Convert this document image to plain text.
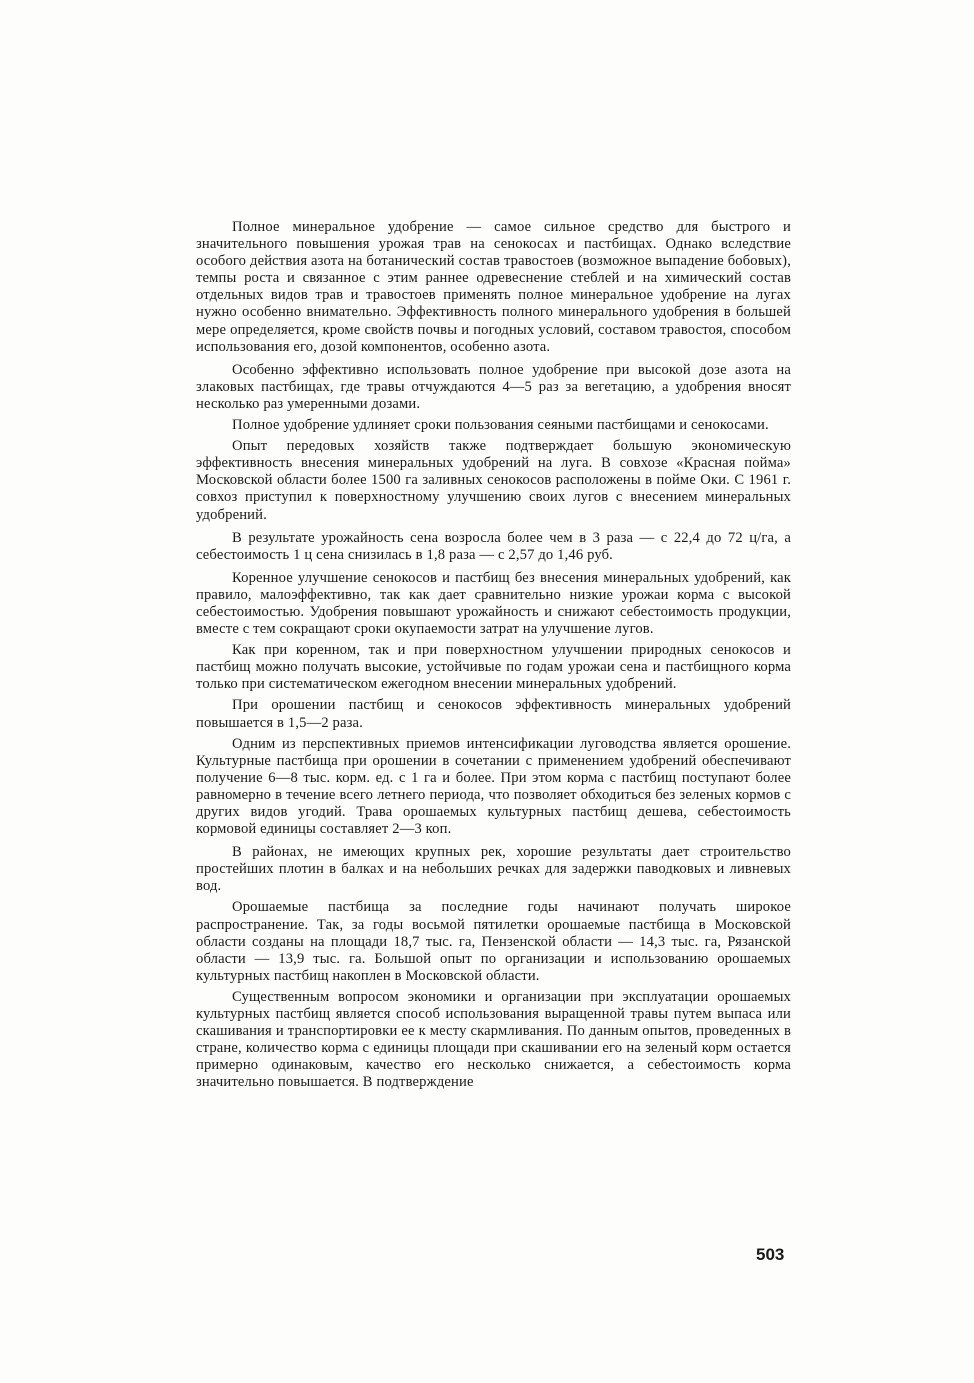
Полное минеральное удобрение — самое сильное средство для быстрого и значительного повышения урожая трав на сенокосах и пастбищах. Однако вследствие особого действия азота на ботанический состав травостоев (возможное выпадение бобовых), темпы роста и связанное с этим раннее одревеснение стеблей и на химический состав отдельных видов трав и травостоев применять полное минеральное удобрение на лугах нужно особенно внимательно. Эффективность полного минерального удобрения в большей мере определяется, кроме свойств почвы и погодных условий, составом травостоя, способом использования его, дозой компонентов, особенно азота.

Особенно эффективно использовать полное удобрение при высокой дозе азота на злаковых пастбищах, где травы отчуждаются 4—5 раз за вегетацию, а удобрения вносят несколько раз умеренными дозами.

Полное удобрение удлиняет сроки пользования сеяными пастбищами и сенокосами.

Опыт передовых хозяйств также подтверждает большую экономическую эффективность внесения минеральных удобрений на луга. В совхозе «Красная пойма» Московской области более 1500 га заливных сенокосов расположены в пойме Оки. С 1961 г. совхоз приступил к поверхностному улучшению своих лугов с внесением минеральных удобрений.

В результате урожайность сена возросла более чем в 3 раза — с 22,4 до 72 ц/га, а себестоимость 1 ц сена снизилась в 1,8 раза — с 2,57 до 1,46 руб.

Коренное улучшение сенокосов и пастбищ без внесения минеральных удобрений, как правило, малоэффективно, так как дает сравнительно низкие урожаи корма с высокой себестоимостью. Удобрения повышают урожайность и снижают себестоимость продукции, вместе с тем сокращают сроки окупаемости затрат на улучшение лугов.

Как при коренном, так и при поверхностном улучшении природных сенокосов и пастбищ можно получать высокие, устойчивые по годам урожаи сена и пастбищного корма только при систематическом ежегодном внесении минеральных удобрений.

При орошении пастбищ и сенокосов эффективность минеральных удобрений повышается в 1,5—2 раза.

Одним из перспективных приемов интенсификации луговодства является орошение. Культурные пастбища при орошении в сочетании с применением удобрений обеспечивают получение 6—8 тыс. корм. ед. с 1 га и более. При этом корма с пастбищ поступают более равномерно в течение всего летнего периода, что позволяет обходиться без зеленых кормов с других видов угодий. Трава орошаемых культурных пастбищ дешева, себестоимость кормовой единицы составляет 2—3 коп.

В районах, не имеющих крупных рек, хорошие результаты дает строительство простейших плотин в балках и на небольших речках для задержки паводковых и ливневых вод.

Орошаемые пастбища за последние годы начинают получать широкое распространение. Так, за годы восьмой пятилетки орошаемые пастбища в Московской области созданы на площади 18,7 тыс. га, Пензенской области — 14,3 тыс. га, Рязанской области — 13,9 тыс. га. Большой опыт по организации и использованию орошаемых культурных пастбищ накоплен в Московской области.

Существенным вопросом экономики и организации при эксплуатации орошаемых культурных пастбищ является способ использования выращенной травы путем выпаса или скашивания и транспортировки ее к месту скармливания. По данным опытов, проведенных в стране, количество корма с единицы площади при скашивании его на зеленый корм остается примерно одинаковым, качество его несколько снижается, а себестоимость корма значительно повышается. В подтверждение

503
